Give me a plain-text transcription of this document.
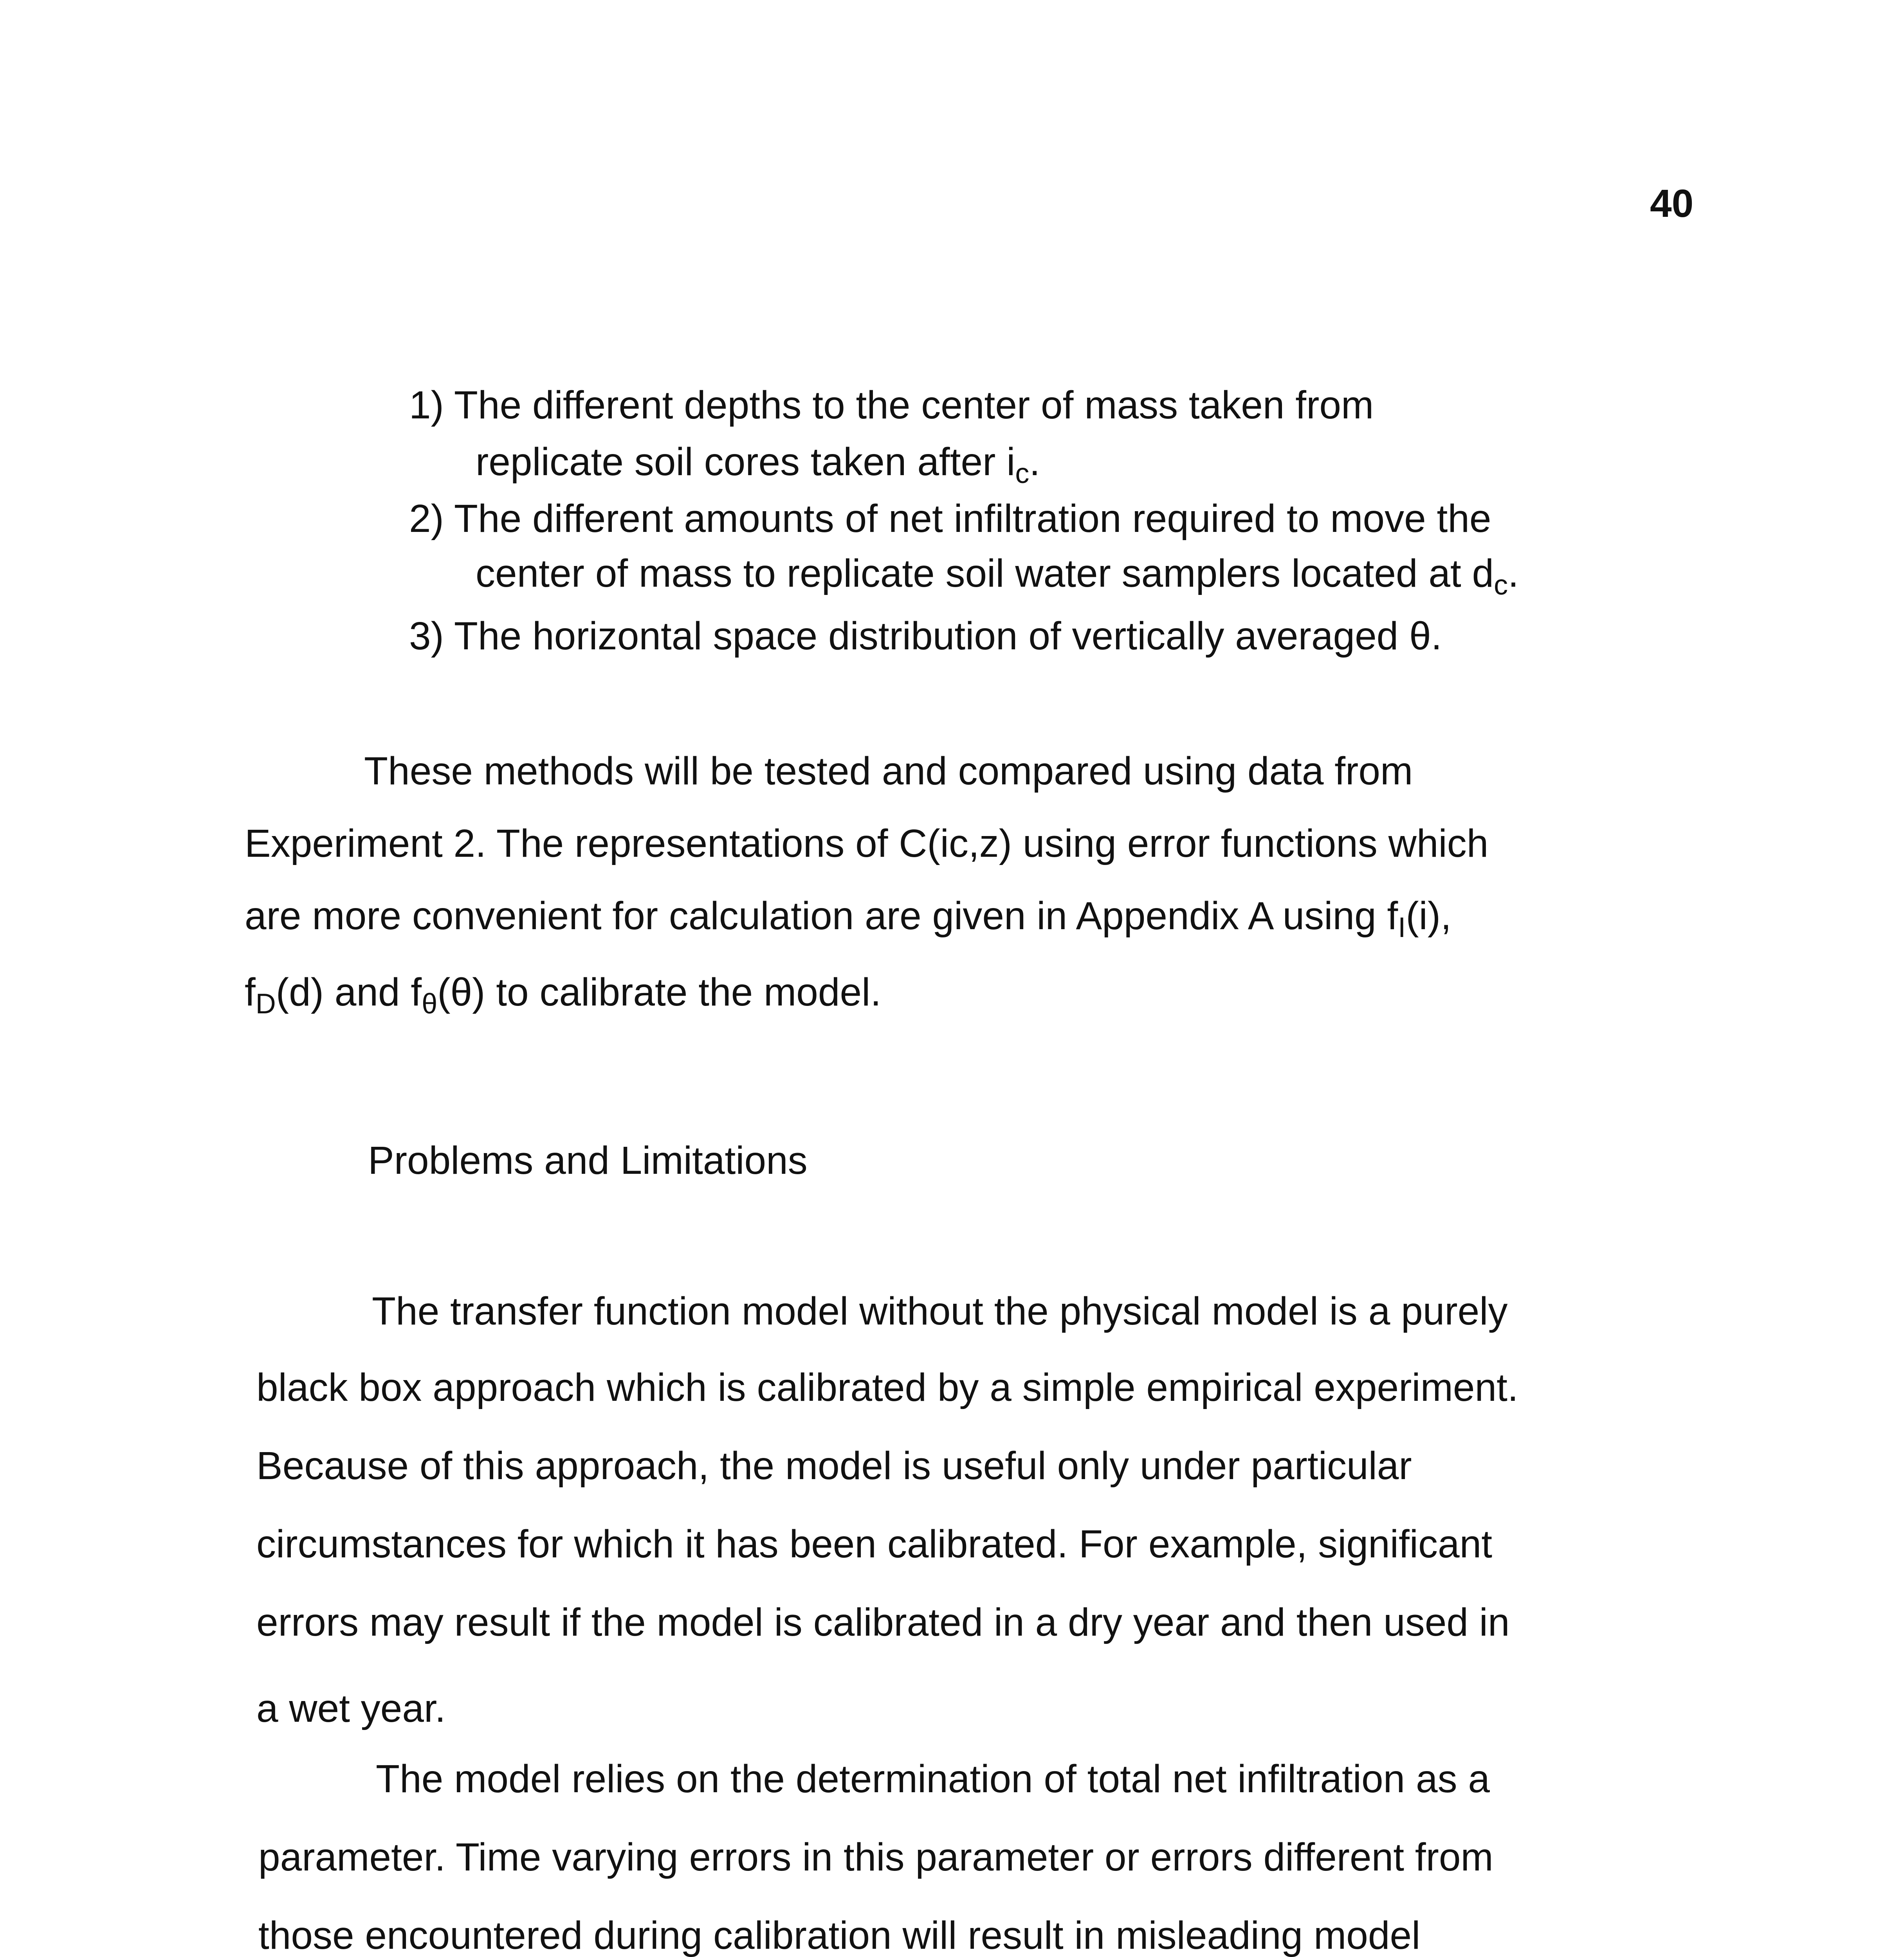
40
1) The different depths to the center of mass taken from
replicate soil cores taken after $i_c$.
2) The different amounts of net infiltration required to move the
center of mass to replicate soil water samplers located at $d_c$.
3) The horizontal space distribution of vertically averaged θ.
These methods will be tested and compared using data from
Experiment 2. The representations of C(ic,z) using error functions which
are more convenient for calculation are given in Appendix A using $f_I(i)$,
$f_D(d)$ and $f_\theta(\theta)$ to calibrate the model.
Problems and Limitations
The transfer function model without the physical model is a purely
black box approach which is calibrated by a simple empirical experiment.
Because of this approach, the model is useful only under particular
circumstances for which it has been calibrated. For example, significant
errors may result if the model is calibrated in a dry year and then used in
a wet year.
The model relies on the determination of total net infiltration as a
parameter. Time varying errors in this parameter or errors different from
those encountered during calibration will result in misleading model
